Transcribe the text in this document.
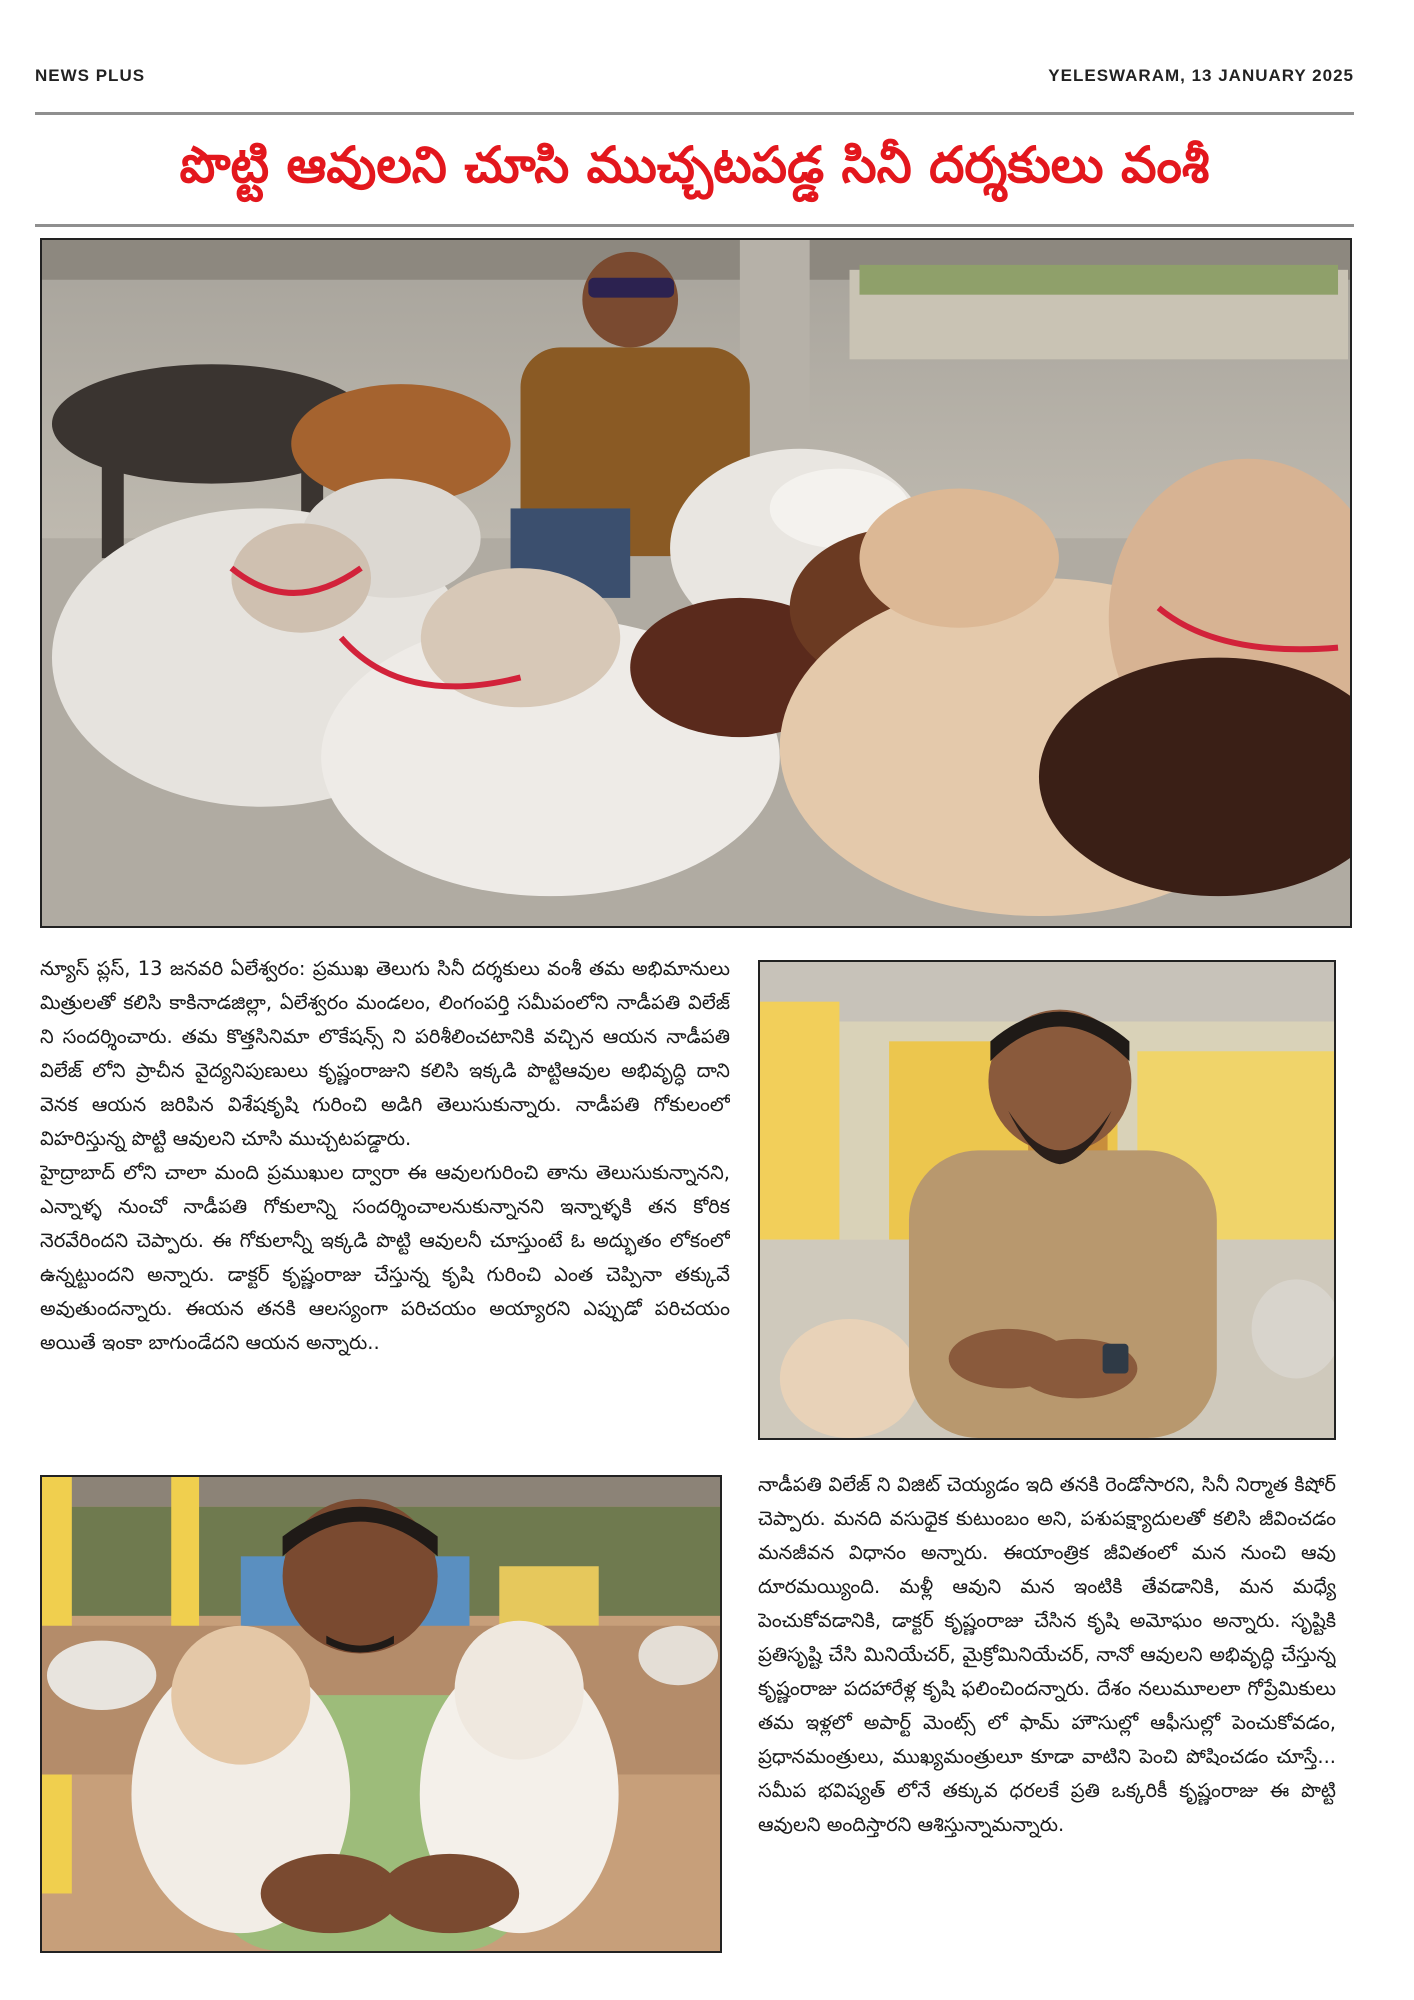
NEWS PLUS	YELESWARAM, 13 JANUARY 2025
పొట్టి ఆవులని చూసి ముచ్చటపడ్డ సినీ దర్శకులు వంశీ

న్యూస్ ప్లస్, 13 జనవరి ఏలేశ్వరం: ప్రముఖ తెలుగు సినీ దర్శకులు వంశీ తమ అభిమానులు మిత్రులతో కలిసి కాకినాడజిల్లా, ఏలేశ్వరం మండలం, లింగంపర్తి సమీపంలోని నాడీపతి విలేజ్ ని సందర్శించారు. తమ కొత్తసినిమా లొకేషన్స్ ని పరిశీలించటానికి వచ్చిన ఆయన నాడీపతి విలేజ్ లోని ప్రాచీన వైద్యనిపుణులు కృష్ణంరాజుని కలిసి ఇక్కడి పొట్టిఆవుల అభివృద్ధి దాని వెనక ఆయన జరిపిన విశేషకృషి గురించి అడిగి తెలుసుకున్నారు. నాడీపతి గోకులంలో విహరిస్తున్న పొట్టి ఆవులని చూసి ముచ్చటపడ్డారు.

హైద్రాబాద్ లోని చాలా మంది ప్రముఖుల ద్వారా ఈ ఆవులగురించి తాను తెలుసుకున్నానని, ఎన్నాళ్ళ నుంచో నాడీపతి గోకులాన్ని సందర్శించాలనుకున్నానని ఇన్నాళ్ళకి తన కోరిక నెరవేరిందని చెప్పారు. ఈ గోకులాన్నీ ఇక్కడి పొట్టి ఆవులనీ చూస్తుంటే ఓ అద్భుతం లోకంలో ఉన్నట్టుందని అన్నారు. డాక్టర్ కృష్ణంరాజు చేస్తున్న కృషి గురించి ఎంత చెప్పినా తక్కువే అవుతుందన్నారు. ఈయన తనకి ఆలస్యంగా పరిచయం అయ్యారని ఎప్పుడో పరిచయం అయితే ఇంకా బాగుండేదని ఆయన అన్నారు..

నాడీపతి విలేజ్ ని విజిట్ చెయ్యడం ఇది తనకి రెండోసారని, సినీ నిర్మాత కిషోర్ చెప్పారు. మనది వసుధైక కుటుంబం అని, పశుపక్ష్యాదులతో కలిసి జీవించడం మనజీవన విధానం అన్నారు. ఈయాంత్రిక జీవితంలో మన నుంచి ఆవు దూరమయ్యింది. మళ్లీ ఆవుని మన ఇంటికి తేవడానికి, మన మధ్యే పెంచుకోవడానికి, డాక్టర్ కృష్ణంరాజు చేసిన కృషి అమోఘం అన్నారు. సృష్టికి ప్రతిసృష్టి చేసి మినియేచర్, మైక్రోమినియేచర్, నానో ఆవులని అభివృద్ధి చేస్తున్న కృష్ణంరాజు పదహారేళ్ల కృషి ఫలించిందన్నారు. దేశం నలుమూలలా గోప్రేమికులు తమ ఇళ్లలో అపార్ట్ మెంట్స్ లో ఫామ్ హౌసుల్లో ఆఫీసుల్లో పెంచుకోవడం, ప్రధానమంత్రులు, ముఖ్యమంత్రులూ కూడా వాటిని పెంచి పోషించడం చూస్తే... సమీప భవిష్యత్ లోనే తక్కువ ధరలకే ప్రతి ఒక్కరికీ కృష్ణంరాజు ఈ పొట్టి ఆవులని అందిస్తారని ఆశిస్తున్నామన్నారు.
